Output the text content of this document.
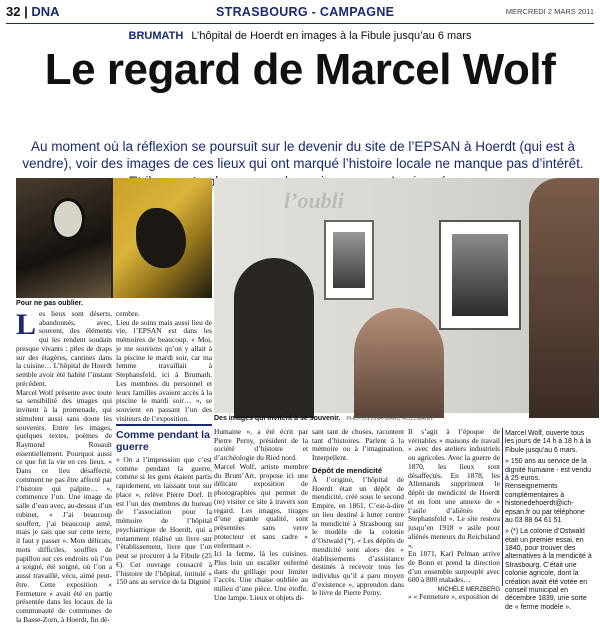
32 | DNA	STRASBOURG - CAMPAGNE	MERCREDI 2 MARS 2011
BRUMATH L’hôpital de Hoerdt en images à la Fibule jusqu’au 6 mars
Le regard de Marcel Wolf
Au moment où la réflexion se poursuit sur le devenir du site de l’EPSAN à Hoerdt (qui est à vendre), voir des images de ces lieux qui ont marqué l’histoire locale ne manque pas d’intérêt.
Pour ne pas oublier.
l’oubli
Des images qui invitent à se souvenir. PHOTOS DNA-MARC ROLLMANN
L es lieux sont déserts, abandonnés, avec, souvent, des éléments qui les rendent soudain presque vivants : piles de draps sur des étagères, cantines dans la cuisine… L’hôpital de Hoerdt semble avoir été habité l’instant précédent.

Marcel Wolf présente avec toute sa sensibilité des images qui invitent à la promenade, qui stimulent aussi sans doute les souvenirs. Entre les images, quelques textes, poèmes de Raymond Rouault essentiellement. Pourquoi aussi ce que fut la vie en ces lieux. « Dans ce lieu désaffecté, comment ne pas être affecté par l’histoire qui palpite… », commence l’un. Une image de salle d’eau avec, au-dessus d’un robinet, « J’ai beaucoup souffert, j’ai beaucoup aimé, mais je sais que sur cette terre, il faut y passer ». Mots délicats, mots difficiles, souffles de papillon sur ces endroits où l’on a soigné, été soigné, où l’on a aussi travaillé, vécu, aimé peut-être. Cette exposition « Fermeture » avait été en partie présentée dans les locaux de la communauté de communes de la Basse-Zorn, à Hoerdt, fin dé-

cembre.

Lieu de soins mais aussi lieu de vie, l’EPSAN est dans les mémoires de beaucoup. « Moi, je me souviens qu’on y allait à la piscine le mardi soir, car ma femme travaillait à Stephansfeld, ici à Brumath. Les membres du personnel et leurs familles avaient accès à la piscine le mardi soir… », se souvient en passant l’un des visiteurs de l’exposition.

Comme pendant la guerre

« On a l’impression que c’est comme pendant la guerre, comme si les gens étaient partis rapidement, en laissant tout sur place », relève Pierre Dorf. Il est l’un des membres du bureau de l’association pour la mémoire de l’hôpital psychiatrique de Hoerdt, qui a notamment réalisé un livre sur l’établissement, livre que l’on peut se procurer à la Fibule (25 €). Cet ouvrage consacré à l’histoire de l’hôpital, intitulé « 150 ans au service de la Dignité

Humaine », a été écrit par Pierre Perny, président de la société d’histoire et d’archéologie du Ried nord.

Marcel Wolf, artiste membre du Brum’Art, propose ici une délicate exposition de photographies qui permet de (re) visiter ce site à travers son regard. Les images, tirages d’une grande qualité, sont présentées sans verre protecteur et sans cadre « enfermant ».

Ici la ferme, là les cuisines. Plus loin un escalier enfermé dans du grillage pour limiter l’accès. Une chaise oubliée au milieu d’une pièce. Une étoffe. Une lampe. Lieux et objets di-

sant tant de choses, racontent tant d’histoires. Parlent à la mémoire ou à l’imagination. Interpellent.

Dépôt de mendicité

À l’origine, l’hôpital de Hoerdt était un dépôt de mendicité, créé sous le second Empire, en 1861. C’est-à-dire un lieu destiné à lutter contre la mendicité à Strasbourg sur le modèle de la colonie d’Ostwald (*). « Les dépôts de mendicité sont alors des « établissements d’assistance destinés à recevoir tous les individus qu’il a paru moyen d’existence », apprendon dans le livre de Pierre Perny.

Il s’agit à l’époque de véritables « maisons de travail » avec des ateliers industriels ou agricoles. Avec la guerre de 1870, les lieux sont désaffectés. En 1878, les Allemands suppriment le dépôt de mendicité de Hoerdt et en font une annexe de « l’asile d’aliénés de Stephansfeld ». Le site restera jusqu’en 1918 « asile pour aliénés meneurs du Reichsland ».

En 1871, Karl Pelman arrive de Bonn et prend la direction d’un ensemble surpeuplé avec 600 à 800 malades…

MICHÈLE MERZBERG

» « Fermeture », exposition de

Marcel Wolf, ouverte tous les jours de 14 h à 18 h à la Fibule jusqu’au 6 mars.

» 150 ans au service de la dignité humaine - est vendu à 25 euros. Renseignements complémentaires à historiedehoerdt@ich-epsan.fr ou par téléphone au 03 88 64 61 51

» (*) La colonie d’Ostwald était un premier essai, en 1840, pour trouver des alternatives à la mendicité à Strasbourg. C’était une colonie agricole, dont la création avait été votée en conseil municipal en décembre 1839, une sorte de « ferme modèle ».
